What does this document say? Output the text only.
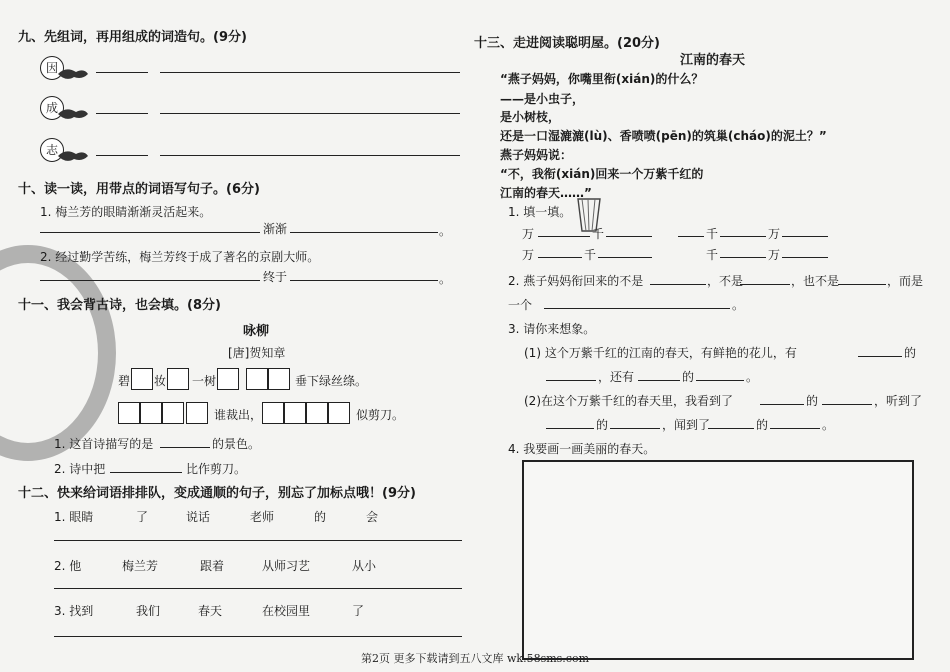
九、先组词，再用组成的词造句。(9分)
因
成
志
十、读一读，用带点的词语写句子。(6分)
1. 梅兰芳的眼睛渐渐灵活起来。
渐渐	。
2. 经过勤学苦练，梅兰芳终于成了著名的京剧大师。
终于	。
十一、我会背古诗，也会填。(8分)
咏柳
[唐]贺知章
碧 妆 一树	垂下绿丝绦。
谁裁出，	似剪刀。
1. 这首诗描写的是	的景色。
2. 诗中把	比作剪刀。
十二、快来给词语排排队，变成通顺的句子，别忘了加标点哦！(9分)
1. 眼睛	了	说话	老师	的	会
2. 他	梅兰芳	跟着	从师习艺	从小
3. 找到	我们	春天	在校园里	了
十三、走进阅读聪明屋。(20分)
江南的春天
“燕子妈妈，你嘴里衔(xián)的什么？
——是小虫子，
是小树枝，
还是一口湿漉漉(lù)、香喷喷(pēn)的筑巢(cháo)的泥土？”
燕子妈妈说：
“不，我衔(xián)回来一个万紫千红的
江南的春天……”
1. 填一填。
万	千	千	万
万	千	千	万
2. 燕子妈妈衔回来的不是	，不是	，也不是	，而是
一个	。
3. 请你来想象。
(1) 这个万紫千红的江南的春天，有鲜艳的花儿，有	的
，还有	的	。
(2)在这个万紫千红的春天里，我看到了	的	，听到了
的	，闻到了	的	。
4. 我要画一画美丽的春天。
第2页 更多下载请到五八文库 wk.58sms.com
